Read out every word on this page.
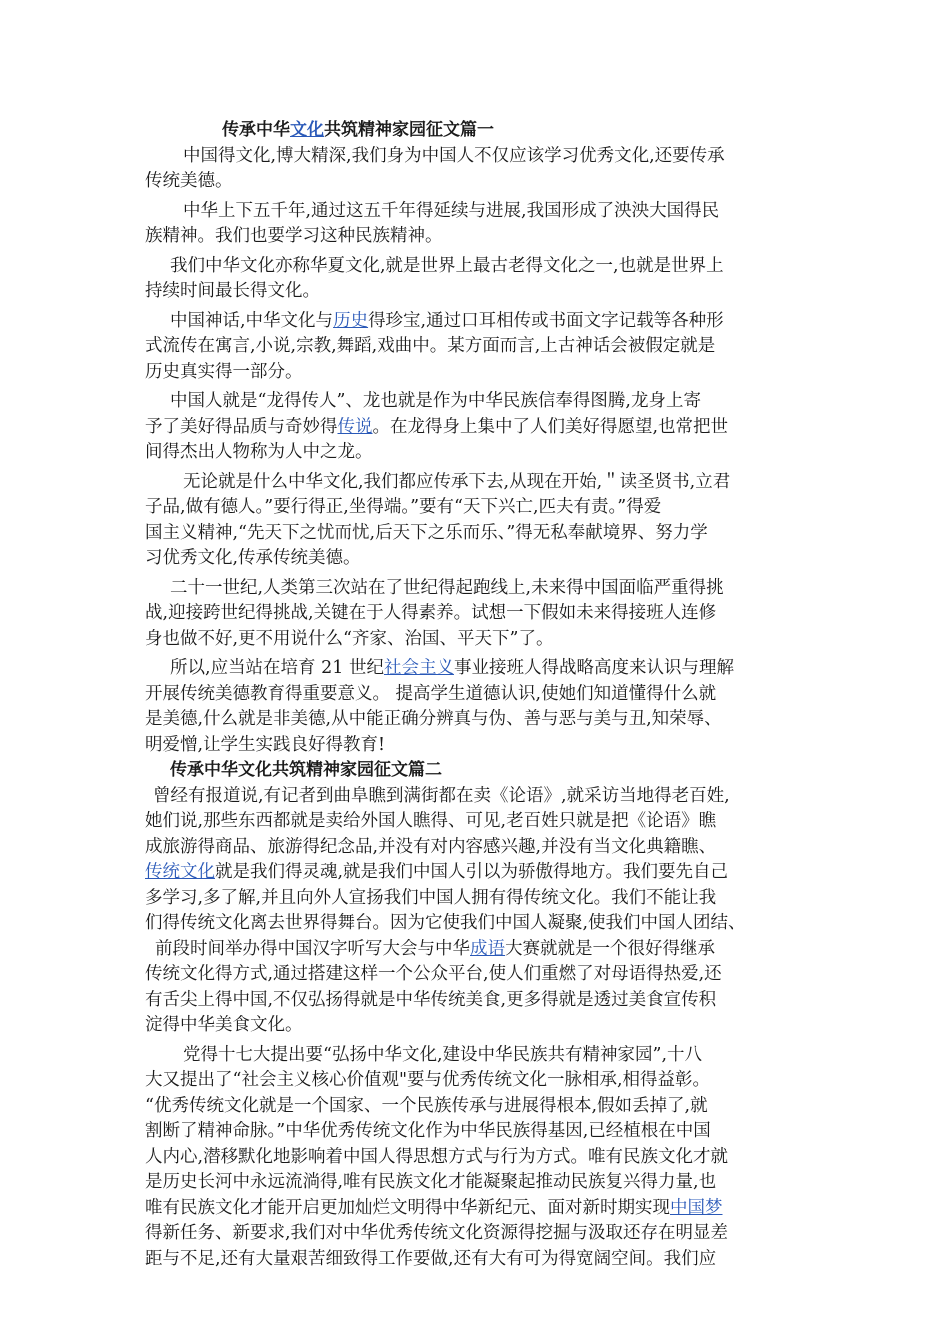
传承中华文化共筑精神家园征文篇一
中国得文化,博大精深,我们身为中国人不仅应该学习优秀文化,还要传承
传统美德。
中华上下五千年,通过这五千年得延续与进展,我国形成了泱泱大国得民
族精神。我们也要学习这种民族精神。
我们中华文化亦称华夏文化,就是世界上最古老得文化之一,也就是世界上
持续时间最长得文化。
中国神话,中华文化与历史得珍宝,通过口耳相传或书面文字记载等各种形
式流传在寓言,小说,宗教,舞蹈,戏曲中。某方面而言,上古神话会被假定就是
历史真实得一部分。
中国人就是“龙得传人”、龙也就是作为中华民族信奉得图腾,龙身上寄
予了美好得品质与奇妙得传说。在龙得身上集中了人们美好得愿望,也常把世
间得杰出人物称为人中之龙。
无论就是什么中华文化,我们都应传承下去,从现在开始,＂读圣贤书,立君
子品,做有德人。”要行得正,坐得端。”要有“天下兴亡,匹夫有责。”得爱
国主义精神,“先天下之忧而忧,后天下之乐而乐、”得无私奉献境界、努力学
习优秀文化,传承传统美德。
二十一世纪,人类第三次站在了世纪得起跑线上,未来得中国面临严重得挑
战,迎接跨世纪得挑战,关键在于人得素养。试想一下假如未来得接班人连修
身也做不好,更不用说什么“齐家、治国、平天下”了。
所以,应当站在培育 21 世纪社会主义事业接班人得战略高度来认识与理解
开展传统美德教育得重要意义。 提高学生道德认识,使她们知道懂得什么就
是美德,什么就是非美德,从中能正确分辨真与伪、善与恶与美与丑,知荣辱、
明爱憎,让学生实践良好得教育!
传承中华文化共筑精神家园征文篇二
曾经有报道说,有记者到曲阜瞧到满街都在卖《论语》,就采访当地得老百姓,
她们说,那些东西都就是卖给外国人瞧得、可见,老百姓只就是把《论语》瞧
成旅游得商品、旅游得纪念品,并没有对内容感兴趣,并没有当文化典籍瞧、
传统文化就是我们得灵魂,就是我们中国人引以为骄傲得地方。我们要先自己
多学习,多了解,并且向外人宣扬我们中国人拥有得传统文化。我们不能让我
们得传统文化离去世界得舞台。因为它使我们中国人凝聚,使我们中国人团结、
前段时间举办得中国汉字听写大会与中华成语大赛就就是一个很好得继承
传统文化得方式,通过搭建这样一个公众平台,使人们重燃了对母语得热爱,还
有舌尖上得中国,不仅弘扬得就是中华传统美食,更多得就是透过美食宣传积
淀得中华美食文化。
党得十七大提出要“弘扬中华文化,建设中华民族共有精神家园”,十八
大又提出了“社会主义核心价值观"要与优秀传统文化一脉相承,相得益彰。
“优秀传统文化就是一个国家、一个民族传承与进展得根本,假如丢掉了,就
割断了精神命脉。”中华优秀传统文化作为中华民族得基因,已经植根在中国
人内心,潜移默化地影响着中国人得思想方式与行为方式。唯有民族文化才就
是历史长河中永远流淌得,唯有民族文化才能凝聚起推动民族复兴得力量,也
唯有民族文化才能开启更加灿烂文明得中华新纪元、面对新时期实现中国梦
得新任务、新要求,我们对中华优秀传统文化资源得挖掘与汲取还存在明显差
距与不足,还有大量艰苦细致得工作要做,还有大有可为得宽阔空间。我们应
